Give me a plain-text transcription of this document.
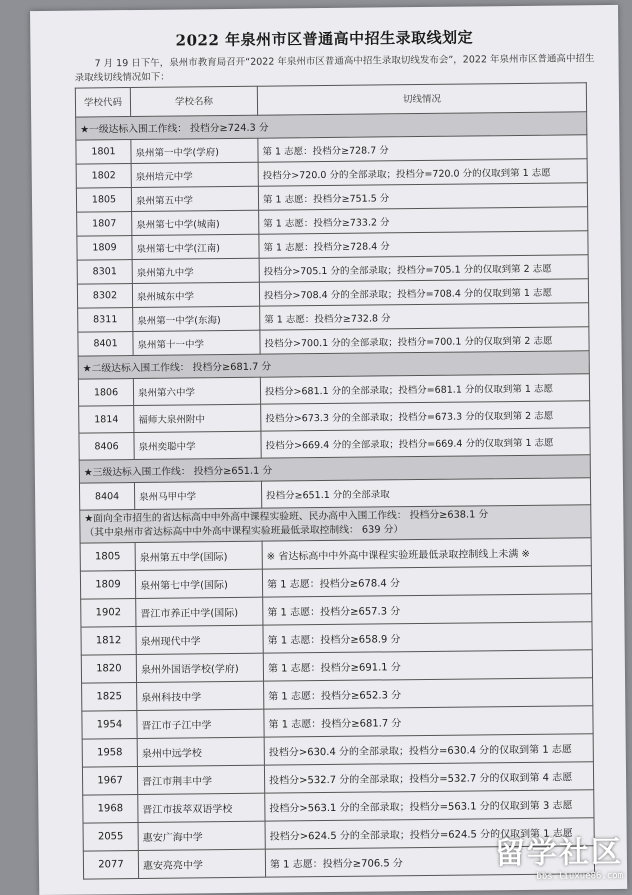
2022 年泉州市区普通高中招生录取线划定
7 月 19 日下午，泉州市教育局召开“2022 年泉州市区普通高中招生录取切线发布会”，2022 年泉州市区普通高中招生录取线切线情况如下：
学校代码	学校名称	切线情况
★一级达标入围工作线： 投档分≥724.3 分		
1801	泉州第一中学(学府)	第 1 志愿：投档分≥728.7 分
1802	泉州培元中学	投档分>720.0 分的全部录取；投档分=720.0 分的仅取到第 1 志愿
1805	泉州第五中学	第 1 志愿：投档分≥751.5 分
1807	泉州第七中学(城南)	第 1 志愿：投档分≥733.2 分
1809	泉州第七中学(江南)	第 1 志愿：投档分≥728.4 分
8301	泉州第九中学	投档分>705.1 分的全部录取；投档分=705.1 分的仅取到第 2 志愿
8302	泉州城东中学	投档分>708.4 分的全部录取；投档分=708.4 分的仅取到第 1 志愿
8311	泉州第一中学(东海)	第 1 志愿：投档分≥732.8 分
8401	泉州第十一中学	投档分>700.1 分的全部录取；投档分=700.1 分的仅取到第 2 志愿
★二级达标入围工作线： 投档分≥681.7 分		
1806	泉州第六中学	投档分>681.1 分的全部录取；投档分=681.1 分的仅取到第 1 志愿
1814	福师大泉州附中	投档分>673.3 分的全部录取；投档分=673.3 分的仅取到第 2 志愿
8406	泉州奕聪中学	投档分>669.4 分的全部录取；投档分=669.4 分的仅取到第 1 志愿
★三级达标入围工作线： 投档分≥651.1 分		
8404	泉州马甲中学	投档分≥651.1 分的全部录取
★面向全市招生的省达标高中中外高中课程实验班、民办高中入围工作线： 投档分≥638.1 分
（其中泉州市省达标高中中外高中课程实验班最低录取控制线： 639 分）		
1805	泉州第五中学(国际)	※ 省达标高中中外高中课程实验班最低录取控制线上未满 ※
1809	泉州第七中学(国际)	第 1 志愿：投档分≥678.4 分
1902	晋江市养正中学(国际)	第 1 志愿：投档分≥657.3 分
1812	泉州现代中学	第 1 志愿：投档分≥658.9 分
1820	泉州外国语学校(学府)	第 1 志愿：投档分≥691.1 分
1825	泉州科技中学	第 1 志愿：投档分≥652.3 分
1954	晋江市子江中学	第 1 志愿：投档分≥681.7 分
1958	泉州中远学校	投档分>630.4 分的全部录取；投档分=630.4 分的仅取到第 1 志愿
1967	晋江市荆丰中学	投档分>532.7 分的全部录取；投档分=532.7 分的仅取到第 4 志愿
1968	晋江市拔萃双语学校	投档分>563.1 分的全部录取；投档分=563.1 分的仅取到第 3 志愿
2055	惠安广海中学	投档分>624.5 分的全部录取；投档分=624.5 分的仅取到第 1 志愿
2077	惠安亮亮中学	第 1 志愿：投档分≥706.5 分	留学社区
bbs.liuxue86.com
